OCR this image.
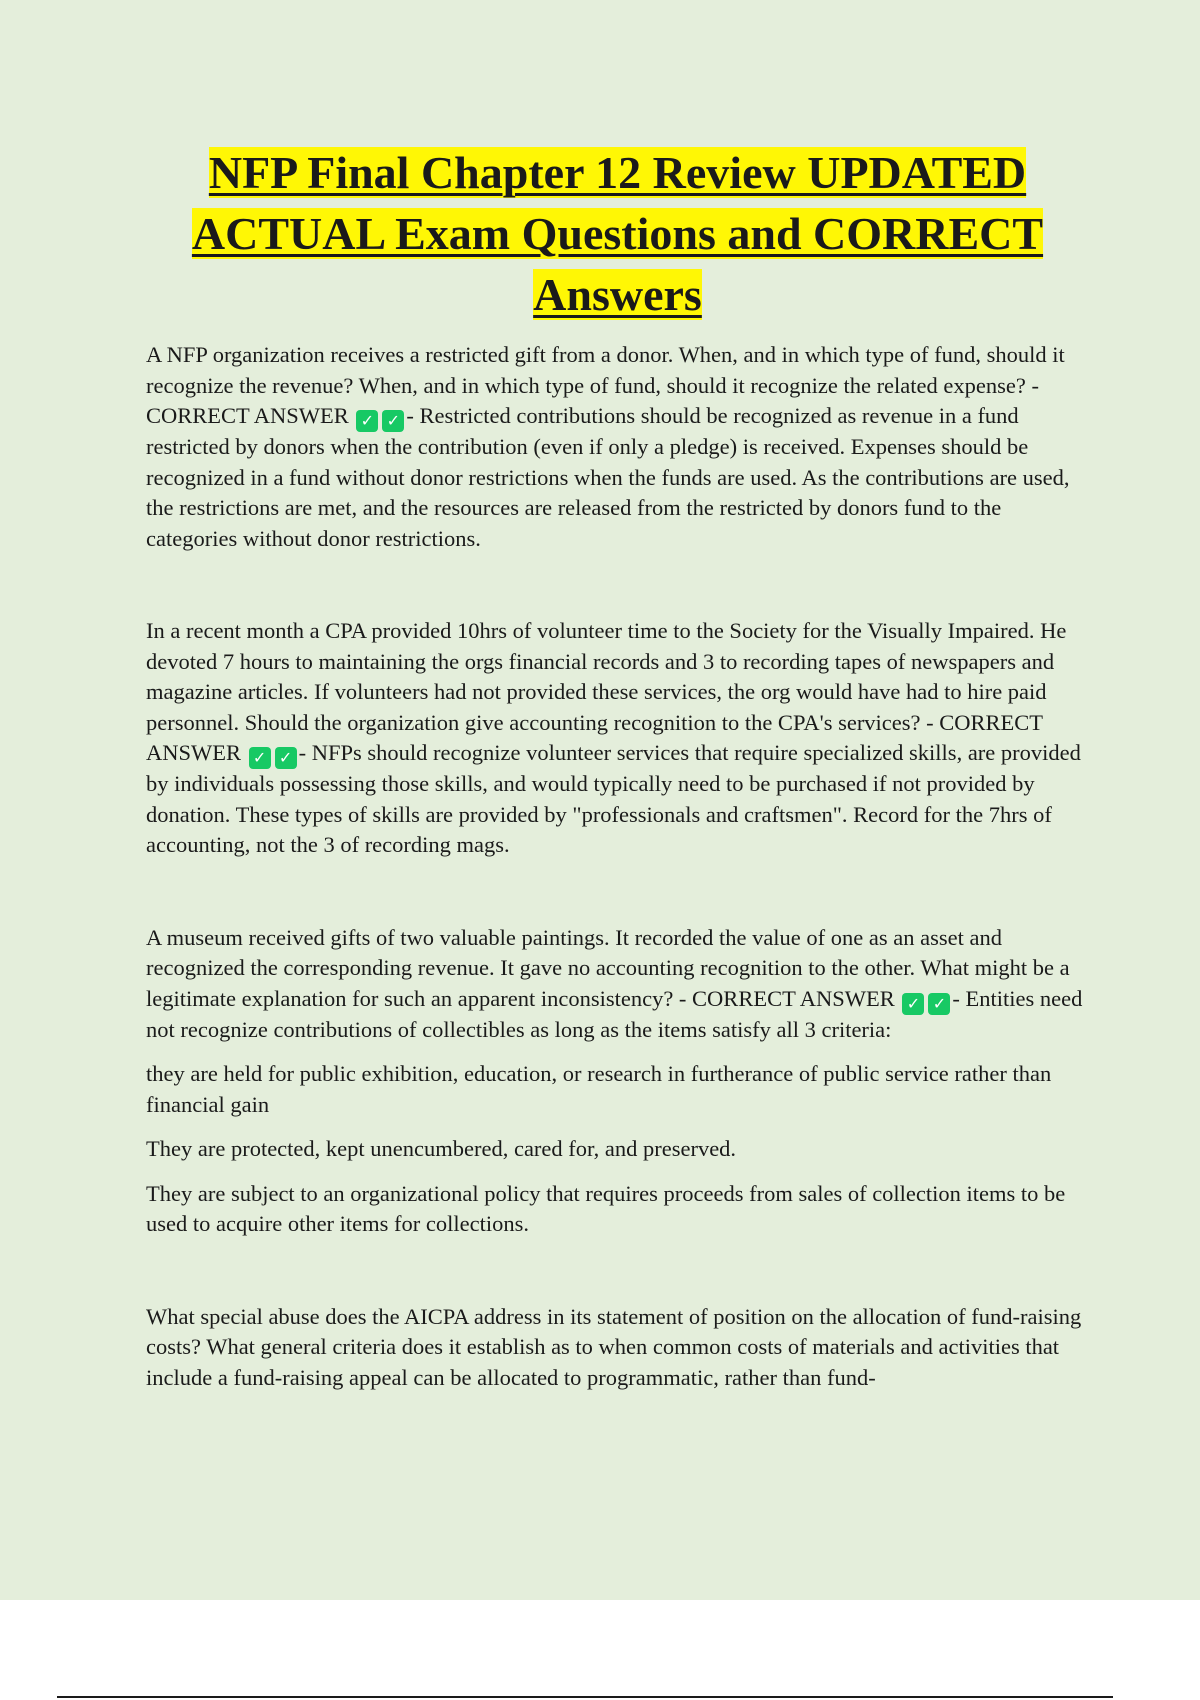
NFP Final Chapter 12 Review UPDATED ACTUAL Exam Questions and CORRECT Answers

A NFP organization receives a restricted gift from a donor. When, and in which type of fund, should it recognize the revenue? When, and in which type of fund, should it recognize the related expense? - CORRECT ANSWER ✓ ✓ - Restricted contributions should be recognized as revenue in a fund restricted by donors when the contribution (even if only a pledge) is received. Expenses should be recognized in a fund without donor restrictions when the funds are used. As the contributions are used, the restrictions are met, and the resources are released from the restricted by donors fund to the categories without donor restrictions.

In a recent month a CPA provided 10hrs of volunteer time to the Society for the Visually Impaired. He devoted 7 hours to maintaining the orgs financial records and 3 to recording tapes of newspapers and magazine articles. If volunteers had not provided these services, the org would have had to hire paid personnel. Should the organization give accounting recognition to the CPA's services? - CORRECT ANSWER ✓ ✓ - NFPs should recognize volunteer services that require specialized skills, are provided by individuals possessing those skills, and would typically need to be purchased if not provided by donation. These types of skills are provided by "professionals and craftsmen". Record for the 7hrs of accounting, not the 3 of recording mags.

A museum received gifts of two valuable paintings. It recorded the value of one as an asset and recognized the corresponding revenue. It gave no accounting recognition to the other. What might be a legitimate explanation for such an apparent inconsistency? - CORRECT ANSWER ✓ ✓ - Entities need not recognize contributions of collectibles as long as the items satisfy all 3 criteria:

they are held for public exhibition, education, or research in furtherance of public service rather than financial gain

They are protected, kept unencumbered, cared for, and preserved.

They are subject to an organizational policy that requires proceeds from sales of collection items to be used to acquire other items for collections.

What special abuse does the AICPA address in its statement of position on the allocation of fund-raising costs? What general criteria does it establish as to when common costs of materials and activities that include a fund-raising appeal can be allocated to programmatic, rather than fund-
